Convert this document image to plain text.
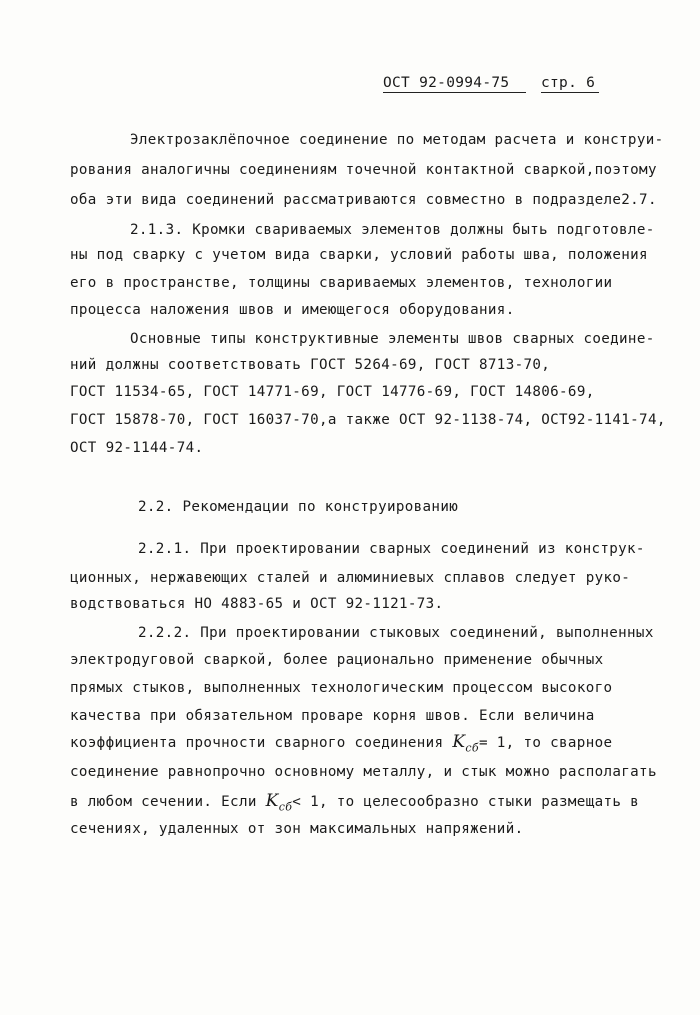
ОСТ 92-0994-75 стр. 6
Электрозаклёпочное соединение по методам расчета и конструи-
рования аналогичны соединениям точечной контактной сваркой,поэтому
оба эти вида соединений рассматриваются совместно в подразделе2.7.
2.1.3. Кромки свариваемых элементов должны быть подготовле-
ны под сварку с учетом вида сварки, условий работы шва, положения
его в пространстве, толщины свариваемых элементов, технологии
процесса наложения швов и имеющегося оборудования.
Основные типы конструктивные элементы швов сварных соедине-
ний должны соответствовать ГОСТ 5264-69, ГОСТ 8713-70,
ГОСТ 11534-65, ГОСТ 14771-69, ГОСТ 14776-69, ГОСТ 14806-69,
ГОСТ 15878-70, ГОСТ 16037-70,а также ОСТ 92-1138-74, ОСТ92-1141-74,
ОСТ 92-1144-74.
2.2. Рекомендации по конструированию
2.2.1. При проектировании сварных соединений из конструк-
ционных, нержавеющих сталей и алюминиевых сплавов следует руко-
водствоваться НО 4883-65 и ОСТ 92-1121-73.
2.2.2. При проектировании стыковых соединений, выполненных
электродуговой сваркой, более рационально применение обычных
прямых стыков, выполненных технологическим процессом высокого
качества при обязательном проваре корня швов. Если величина
коэффициента прочности сварного соединения $K_{сб}= 1$, то сварное
соединение равнопрочно основному металлу, и стык можно располагать
в любом сечении. Если $K_{сб}< 1$, то целесообразно стыки размещать в
сечениях, удаленных от зон максимальных напряжений.
